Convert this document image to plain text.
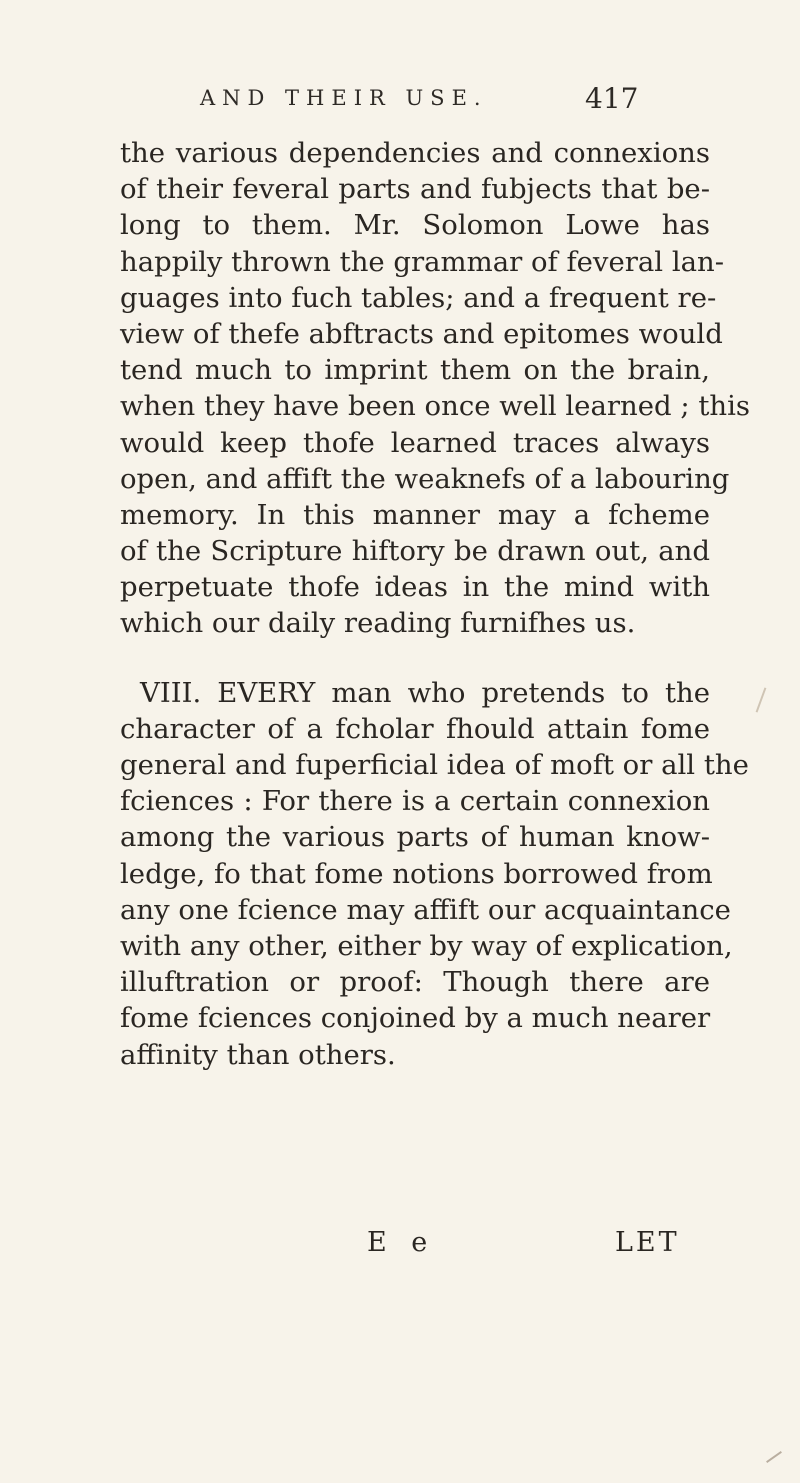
AND THEIR USE.	417
the various dependencies and connexions
of their feveral parts and fubjects that be-
long to them. Mr. Solomon Lowe has
happily thrown the grammar of feveral lan-
guages into fuch tables; and a frequent re-
view of thefe abftracts and epitomes would
tend much to imprint them on the brain,
when they have been once well learned ; this
would keep thofe learned traces always
open, and affift the weaknefs of a labouring
memory. In this manner may a fcheme
of the Scripture hiftory be drawn out, and
perpetuate thofe ideas in the mind with
which our daily reading furnifhes us.
VIII. EVERY man who pretends to the
character of a fcholar fhould attain fome
general and fuperficial idea of moft or all the
fciences : For there is a certain connexion
among the various parts of human know-
ledge, fo that fome notions borrowed from
any one fcience may affift our acquaintance
with any other, either by way of explication,
illuftration or proof: Though there are
fome fciences conjoined by a much nearer
affinity than others.
E e	LET
